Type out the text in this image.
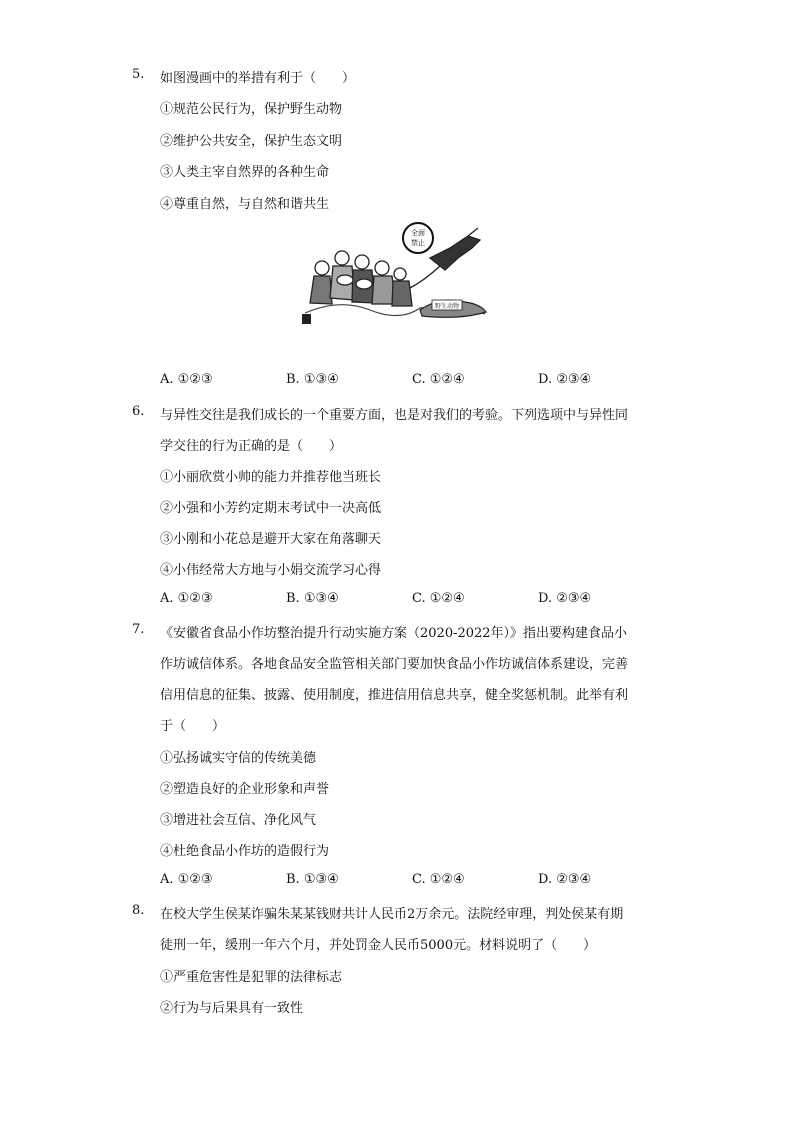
5. 如图漫画中的举措有利于（　　）
①规范公民行为，保护野生动物
②维护公共安全，保护生态文明
③人类主宰自然界的各种生命
④尊重自然，与自然和谐共生
全面
禁止
野生动物
A. ①②③	B. ①③④	C. ①②④	D. ②③④
6. 与异性交往是我们成长的一个重要方面，也是对我们的考验。下列选项中与异性同
学交往的行为正确的是（　　）
①小丽欣赏小帅的能力并推荐他当班长
②小强和小芳约定期末考试中一决高低
③小刚和小花总是避开大家在角落聊天
④小伟经常大方地与小娟交流学习心得
A. ①②③	B. ①③④	C. ①②④	D. ②③④
7. 《安徽省食品小作坊整治提升行动实施方案（2020-2022年）》指出要构建食品小
作坊诚信体系。各地食品安全监管相关部门要加快食品小作坊诚信体系建设，完善
信用信息的征集、披露、使用制度，推进信用信息共享，健全奖惩机制。此举有利
于（　　）
①弘扬诚实守信的传统美德
②塑造良好的企业形象和声誉
③增进社会互信、净化风气
④杜绝食品小作坊的造假行为
A. ①②③	B. ①③④	C. ①②④	D. ②③④
8. 在校大学生侯某诈骗朱某某钱财共计人民币2万余元。法院经审理，判处侯某有期
徒刑一年，缓刑一年六个月，并处罚金人民币5000元。材料说明了（　　）
①严重危害性是犯罪的法律标志
②行为与后果具有一致性
